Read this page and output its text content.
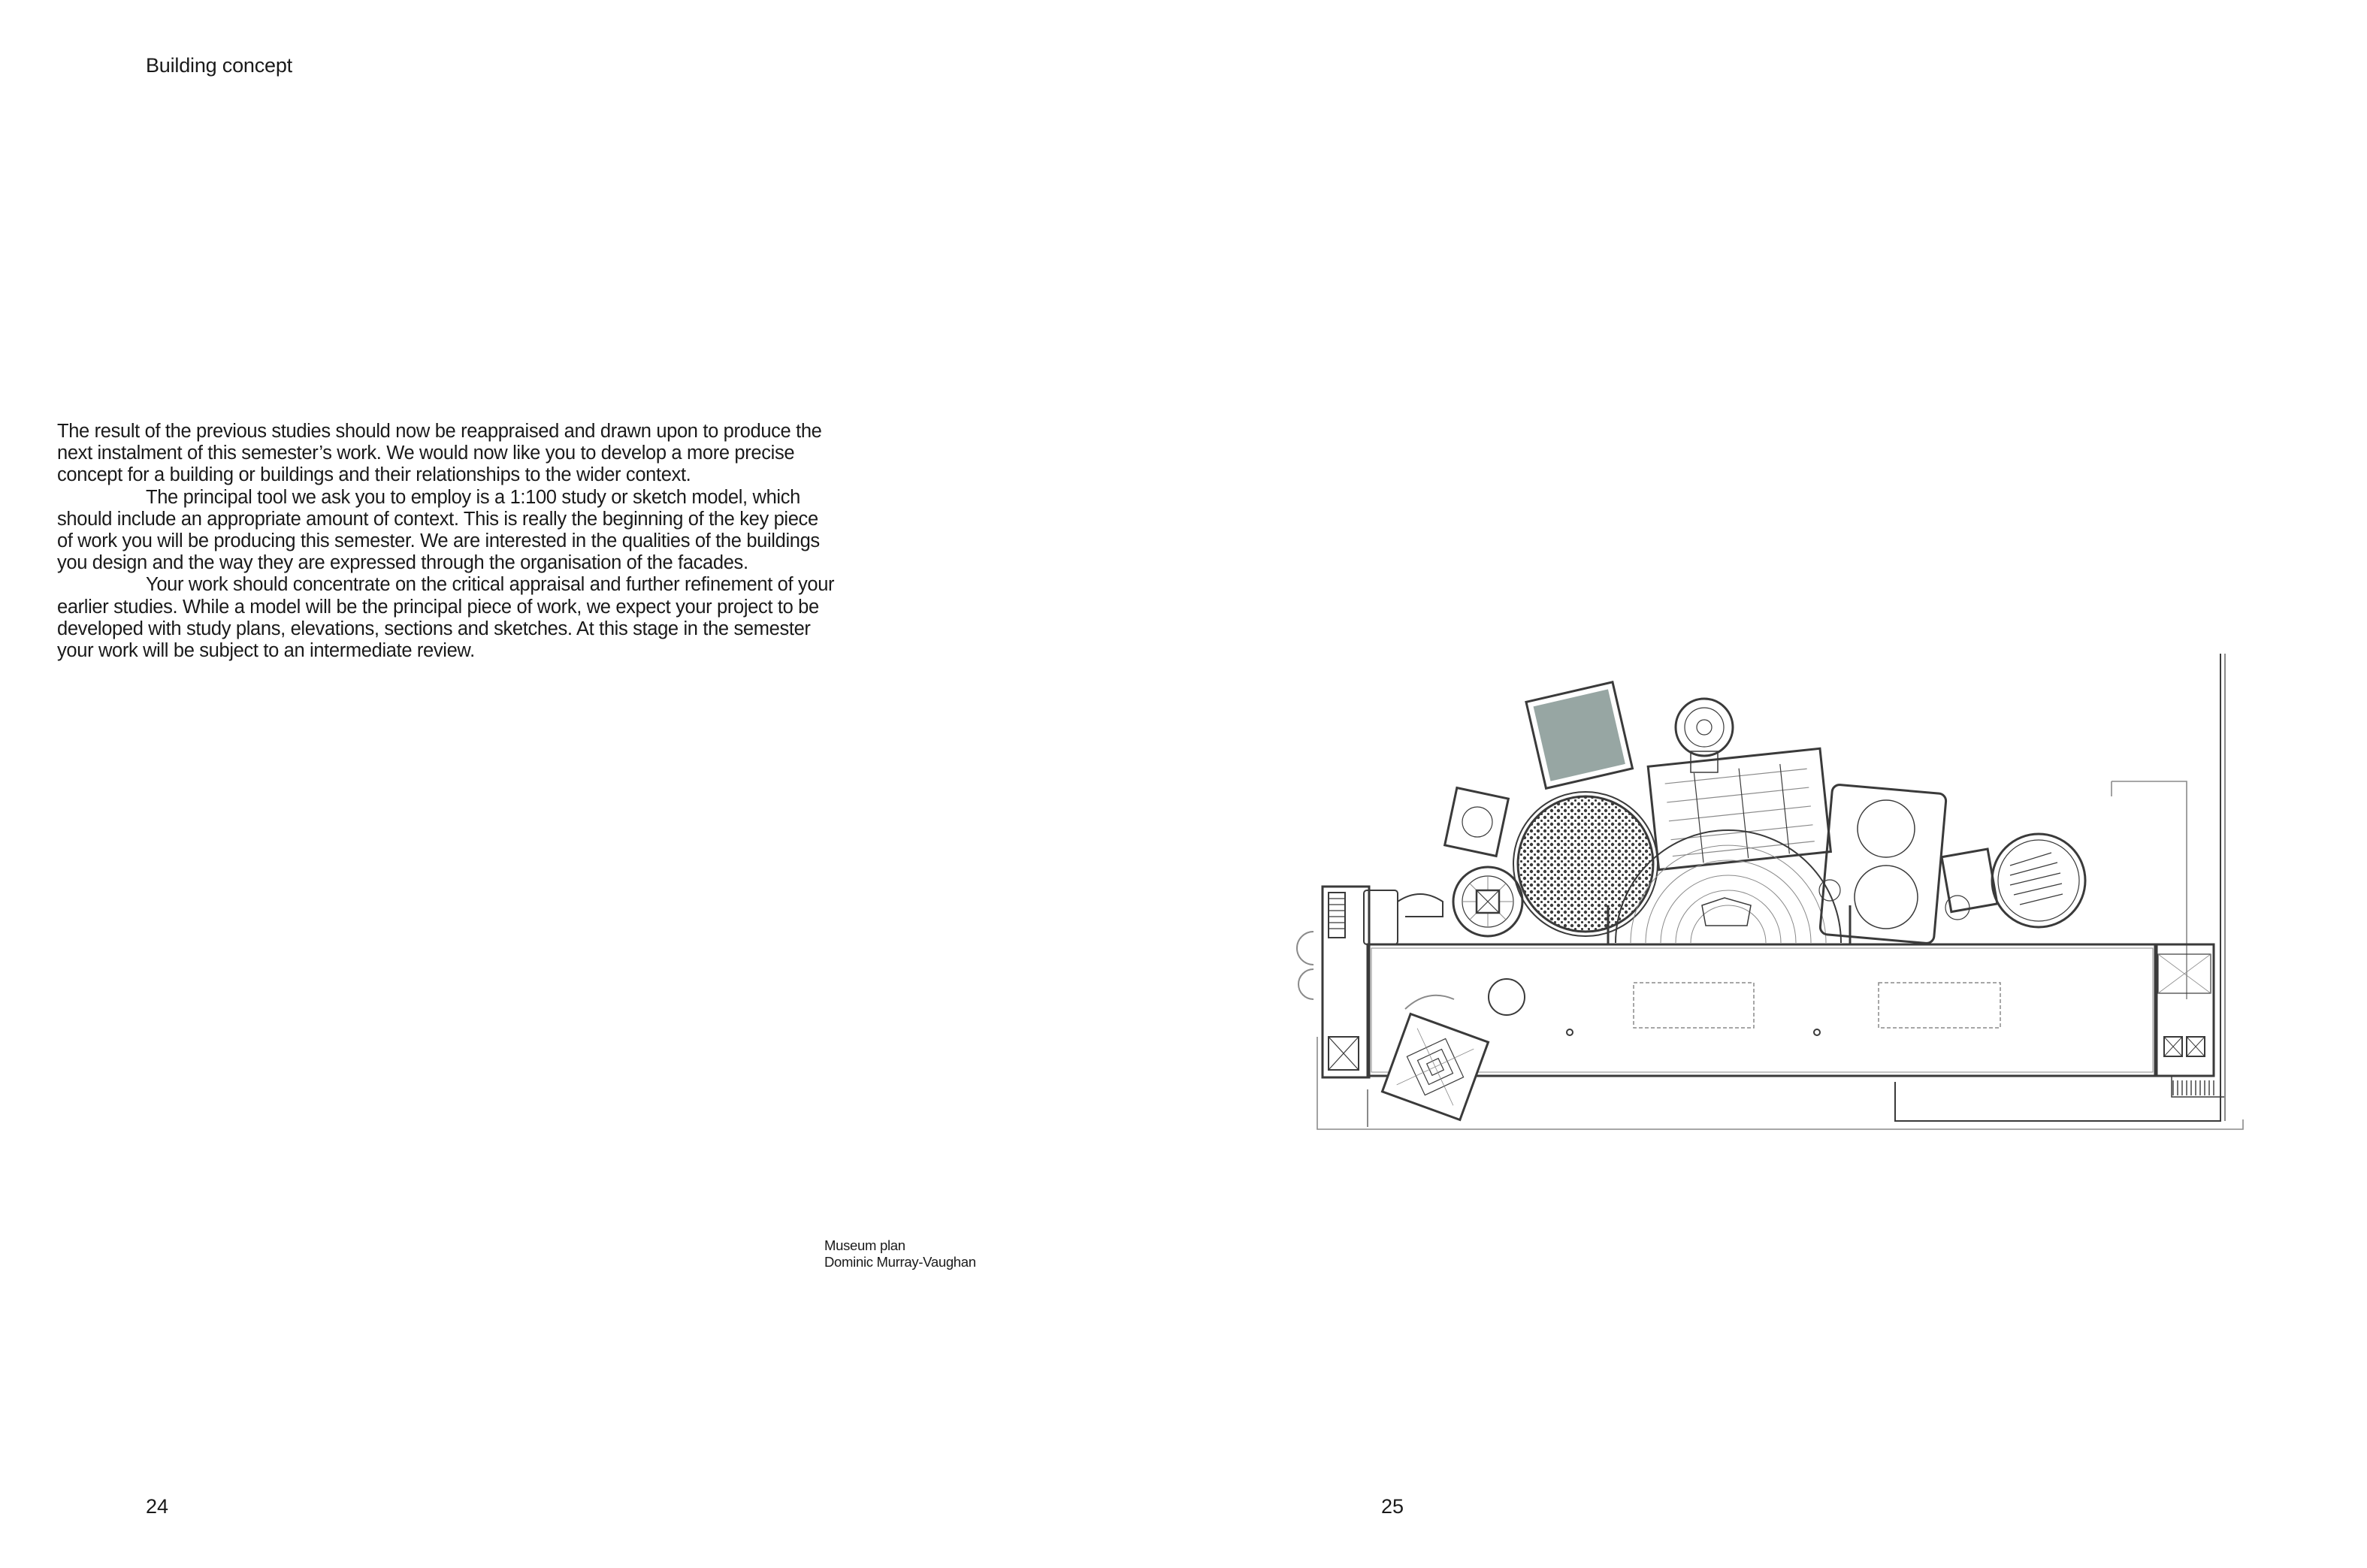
Building concept

The result of the previous studies should now be reappraised and drawn upon to produce the next instalment of this semester’s work. We would now like you to develop a more precise concept for a building or buildings and their relationships to the wider context.

The principal tool we ask you to employ is a 1:100 study or sketch model, which should include an appropriate amount of context. This is really the beginning of the key piece of work you will be producing this semester. We are interested in the qualities of the buildings you design and the way they are expressed through the organisation of the facades.

Your work should concentrate on the critical appraisal and further refinement of your earlier studies. While a model will be the principal piece of work, we expect your project to be developed with study plans, elevations, sections and sketches. At this stage in the semester your work will be subject to an intermediate review.

Museum plan
Dominic Murray-Vaughan
24	25
